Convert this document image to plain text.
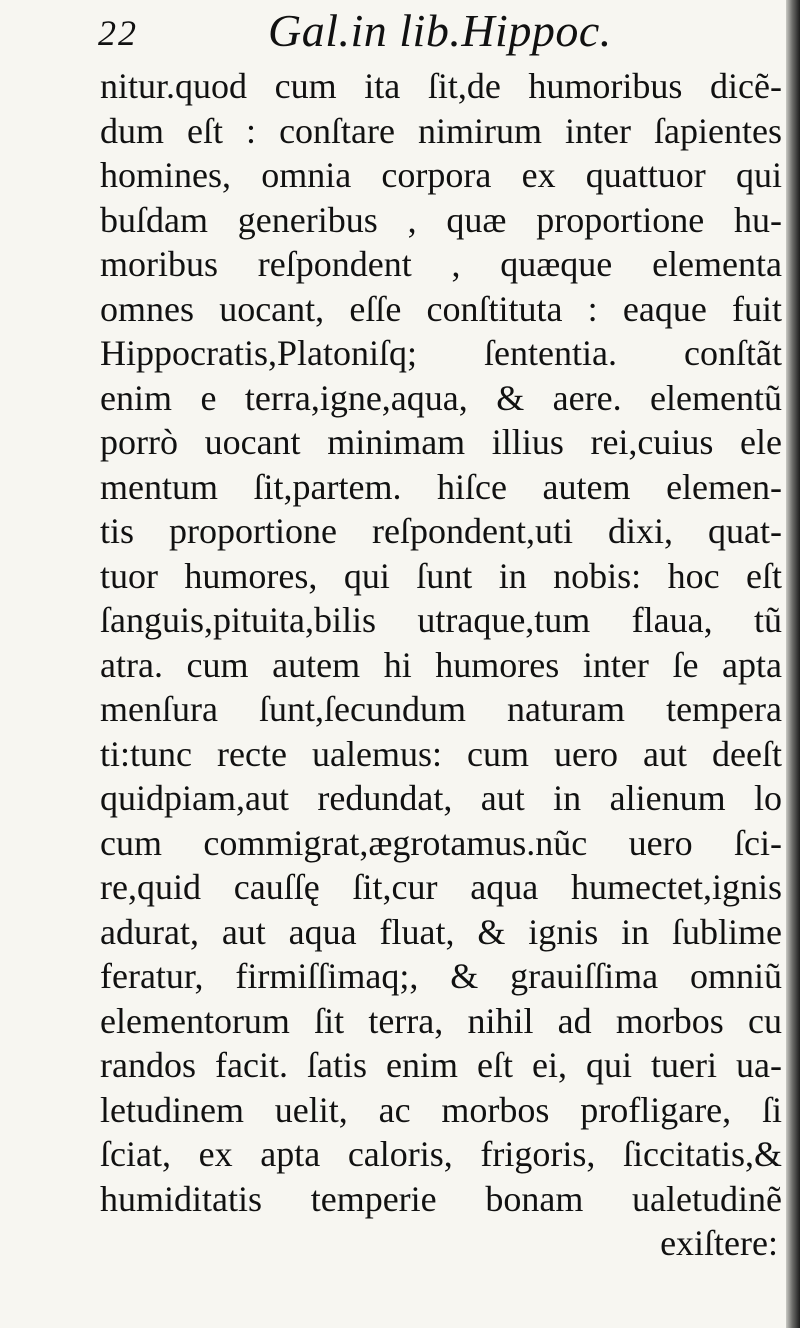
22	Gal.in lib.Hippoc.
nitur.quod cum ita ſit,de humoribus dicẽ-
dum eſt : conſtare nimirum inter ſapientes
homines, omnia corpora ex quattuor qui
buſdam generibus , quæ proportione hu-
moribus reſpondent , quæque elementa
omnes uocant, eſſe conſtituta : eaque fuit
Hippocratis,Platoniſq; ſententia. conſtãt
enim e terra,igne,aqua, & aere. elementũ
porrò uocant minimam illius rei,cuius ele
mentum ſit,partem. hiſce autem elemen-
tis proportione reſpondent,uti dixi, quat-
tuor humores, qui ſunt in nobis: hoc eſt
ſanguis,pituita,bilis utraque,tum flaua, tũ
atra. cum autem hi humores inter ſe apta
menſura ſunt,ſecundum naturam tempera
ti:tunc recte ualemus: cum uero aut deeſt
quidpiam,aut redundat, aut in alienum lo
cum commigrat,ægrotamus.nũc uero ſci-
re,quid cauſſę ſit,cur aqua humectet,ignis
adurat, aut aqua fluat, & ignis in ſublime
feratur, firmiſſimaq;, & grauiſſima omniũ
elementorum ſit terra, nihil ad morbos cu
randos facit. ſatis enim eſt ei, qui tueri ua-
letudinem uelit, ac morbos profligare, ſi
ſciat, ex apta caloris, frigoris, ſiccitatis,&
humiditatis temperie bonam ualetudinẽ
exiſtere:
